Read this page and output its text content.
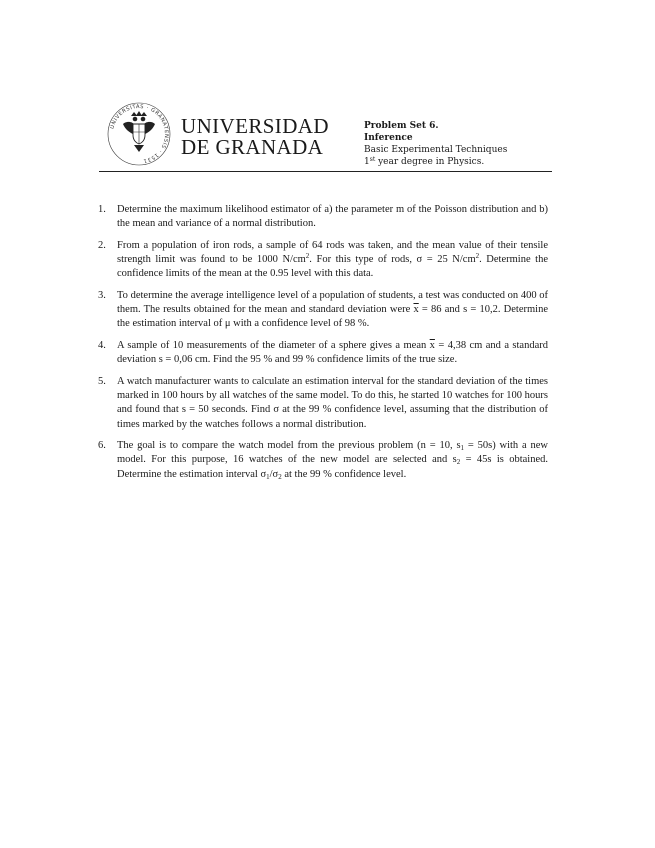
UNIVERSITAS · GRANATENSIS · 1531
UNIVERSIDAD
DE GRANADA
Problem Set 6.
Inference
Basic Experimental Techniques
1st year degree in Physics.
1. Determine the maximum likelihood estimator of a) the parameter m of the Poisson distribution and b) the mean and variance of a normal distribution.
2. From a population of iron rods, a sample of 64 rods was taken, and the mean value of their tensile strength limit was found to be 1000 $N/cm^2$. For this type of rods, σ = 25 $N/cm^2$. Determine the confidence limits of the mean at the 0.95 level with this data.
3. To determine the average intelligence level of a population of students, a test was conducted on 400 of them. The results obtained for the mean and standard deviation were $\overline{x} = 86$ and s = 10,2. Determine the estimation interval of μ with a confidence level of 98 %.
4. A sample of 10 measurements of the diameter of a sphere gives a mean $\overline{x} = 4,38$ cm and a standard deviation s = 0,06 cm. Find the 95 % and 99 % confidence limits of the true size.
5. A watch manufacturer wants to calculate an estimation interval for the standard deviation of the times marked in 100 hours by all watches of the same model. To do this, he started 10 watches for 100 hours and found that s = 50 seconds. Find σ at the 99 % confidence level, assuming that the distribution of times marked by the watches follows a normal distribution.
6. The goal is to compare the watch model from the previous problem (n = 10, $s_1 = 50s$) with a new model. For this purpose, 16 watches of the new model are selected and $s_2 = 45s$ is obtained. Determine the estimation interval $\sigma_1/\sigma_2$ at the 99 % confidence level.
